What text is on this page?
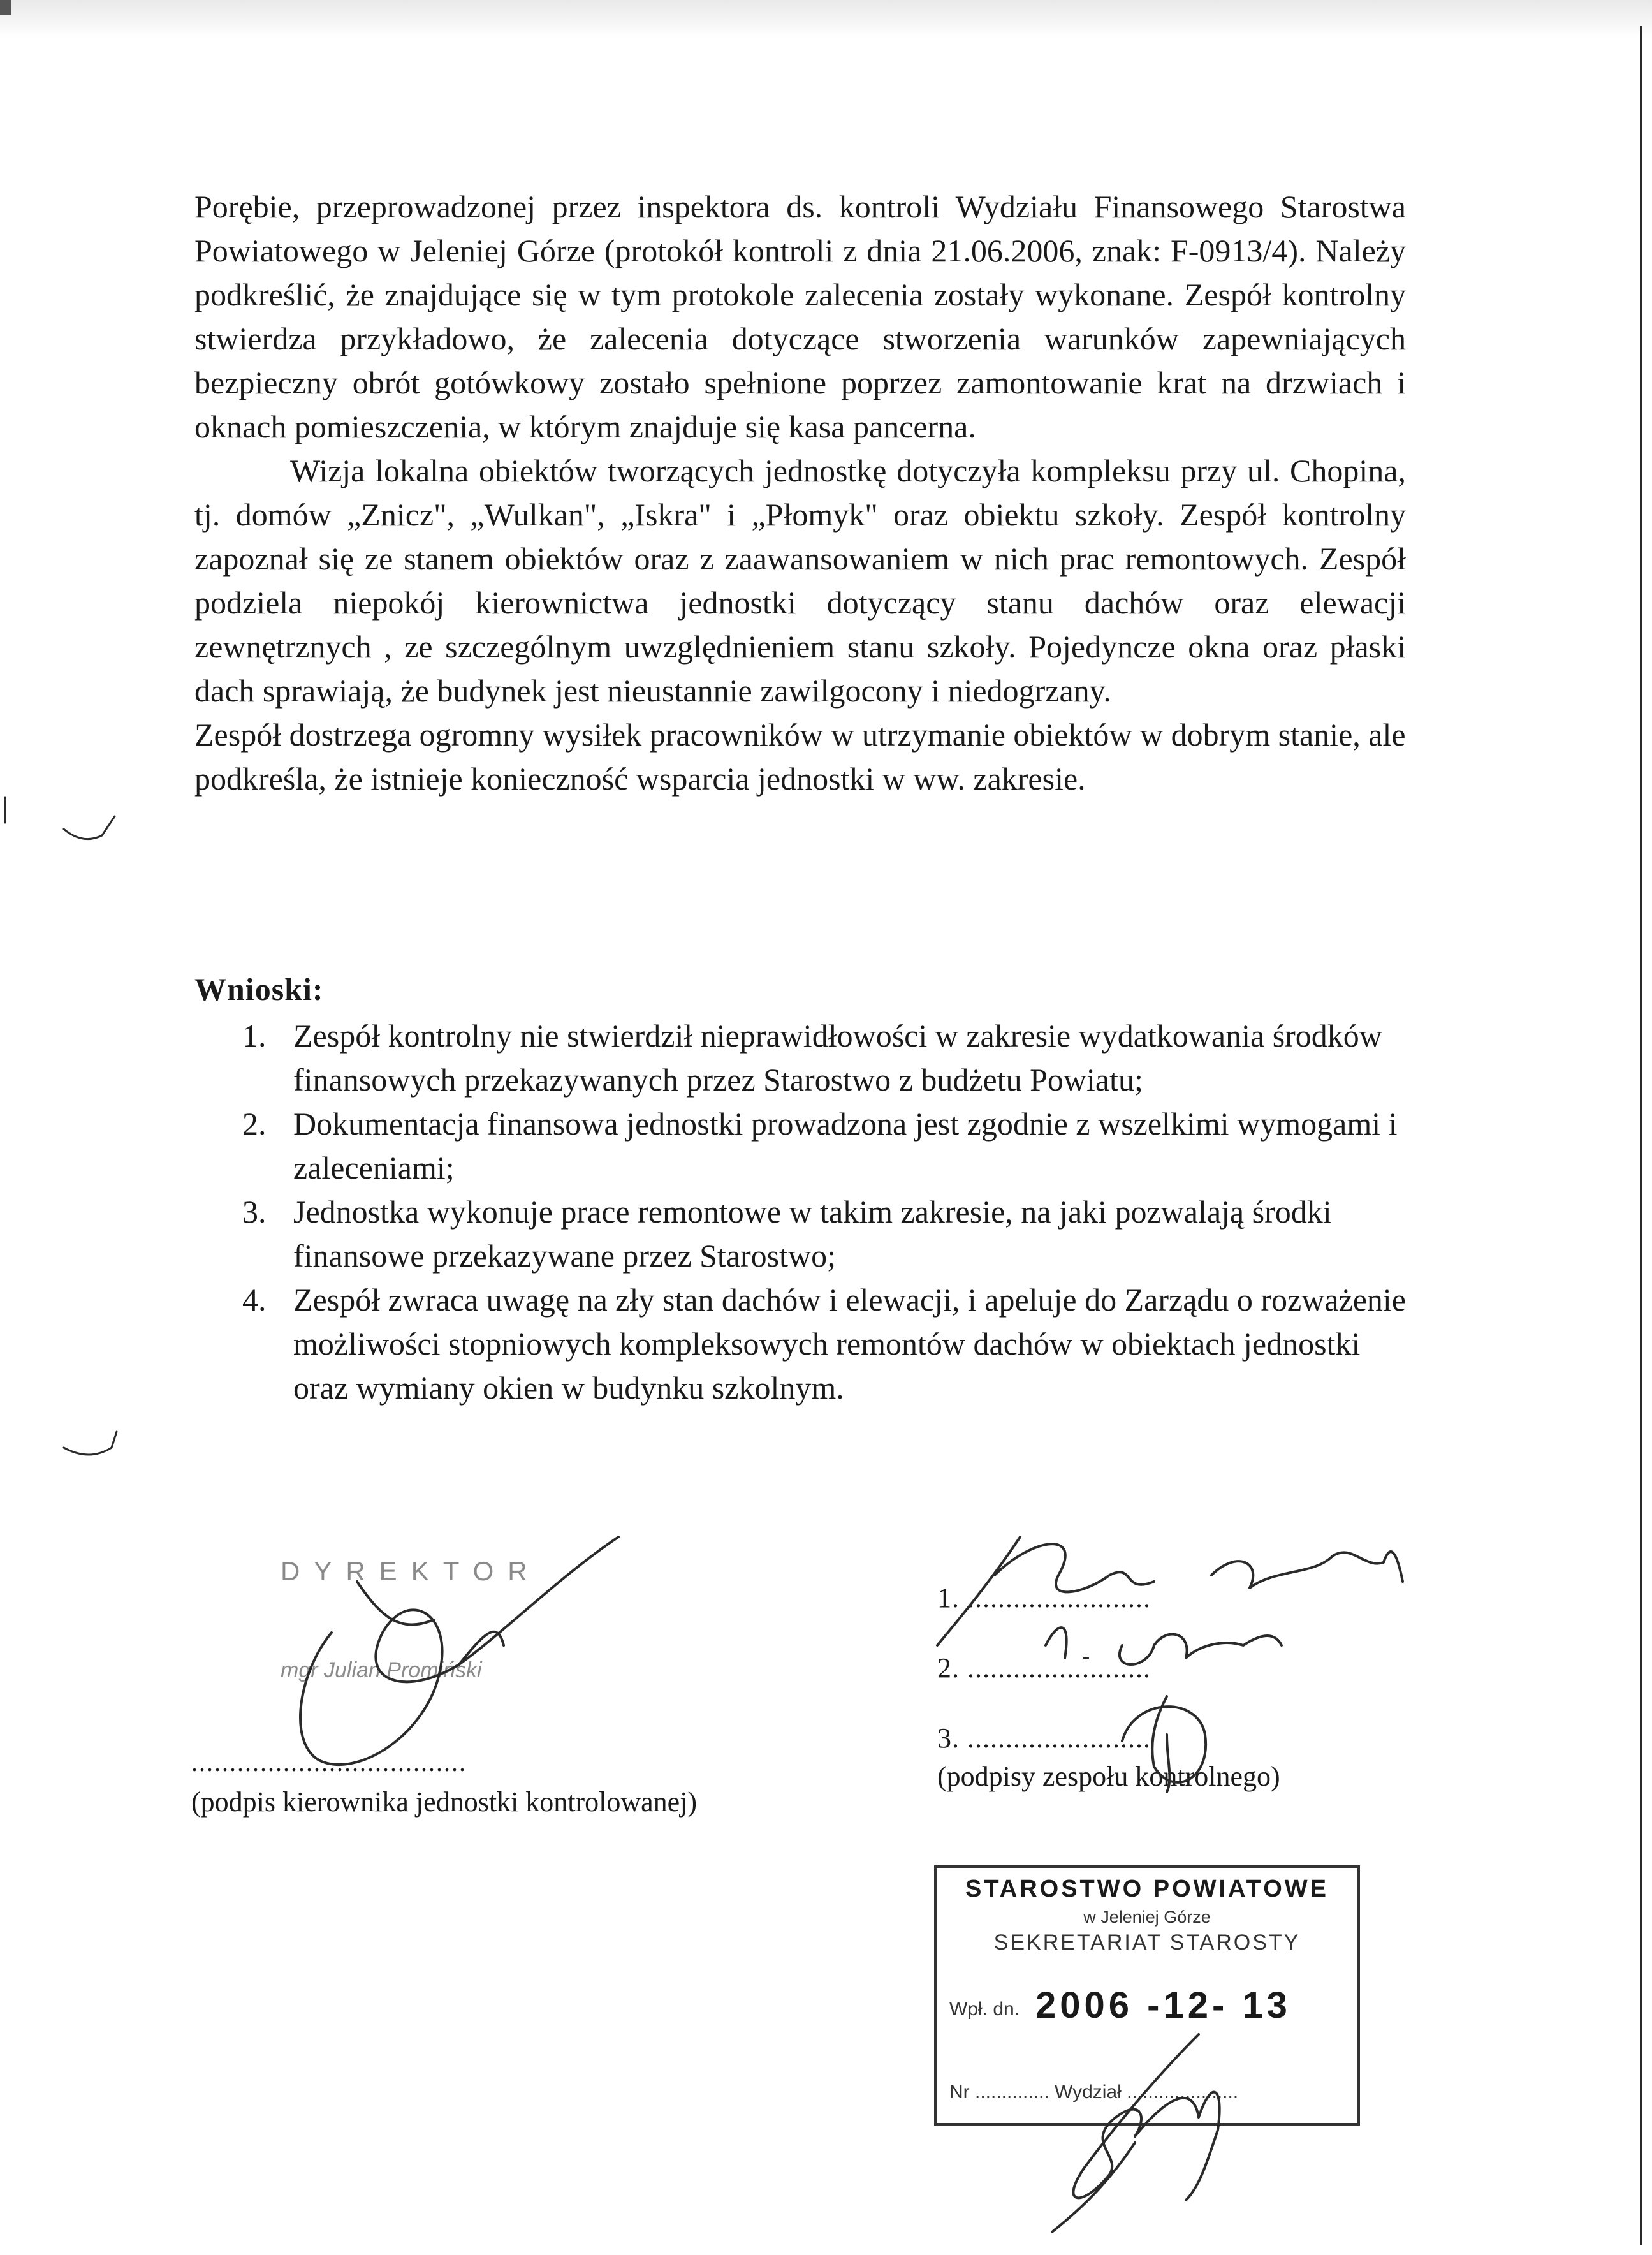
Porębie, przeprowadzonej przez inspektora ds. kontroli Wydziału Finansowego Starostwa Powiatowego w Jeleniej Górze (protokół kontroli z dnia 21.06.2006, znak: F-0913/4). Należy podkreślić, że znajdujące się w tym protokole zalecenia zostały wykonane. Zespół kontrolny stwierdza przykładowo, że zalecenia dotyczące stworzenia warunków zapewniających bezpieczny obrót gotówkowy zostało spełnione poprzez zamontowanie krat na drzwiach i oknach pomieszczenia, w którym znajduje się kasa pancerna.

Wizja lokalna obiektów tworzących jednostkę dotyczyła kompleksu przy ul. Chopina, tj. domów „Znicz", „Wulkan", „Iskra" i „Płomyk" oraz obiektu szkoły. Zespół kontrolny zapoznał się ze stanem obiektów oraz z zaawansowaniem w nich prac remontowych. Zespół podziela niepokój kierownictwa jednostki dotyczący stanu dachów oraz elewacji zewnętrznych , ze szczególnym uwzględnieniem stanu szkoły. Pojedyncze okna oraz płaski dach sprawiają, że budynek jest nieustannie zawilgocony i niedogrzany.

Zespół dostrzega ogromny wysiłek pracowników w utrzymanie obiektów w dobrym stanie, ale podkreśla, że istnieje konieczność wsparcia jednostki w ww. zakresie.

Wnioski:
1. Zespół kontrolny nie stwierdził nieprawidłowości w zakresie wydatkowania środków finansowych przekazywanych przez Starostwo z budżetu Powiatu;
2. Dokumentacja finansowa jednostki prowadzona jest zgodnie z wszelkimi wymogami i zaleceniami;
3. Jednostka wykonuje prace remontowe w takim zakresie, na jaki pozwalają środki finansowe przekazywane przez Starostwo;
4. Zespół zwraca uwagę na zły stan dachów i elewacji, i apeluje do Zarządu o rozważenie możliwości stopniowych kompleksowych remontów dachów w obiektach jednostki oraz wymiany okien w budynku szkolnym.
DYREKTOR
mgr Julian Promiński
....................................
(podpis kierownika jednostki kontrolowanej)
1. ........................
2. ........................
3. ........................
(podpisy zespołu kontrolnego)
STAROSTWO POWIATOWE
w Jeleniej Górze
SEKRETARIAT STAROSTY
Wpł. dn. 2006 -12- 13
Nr .............. Wydział .....................
